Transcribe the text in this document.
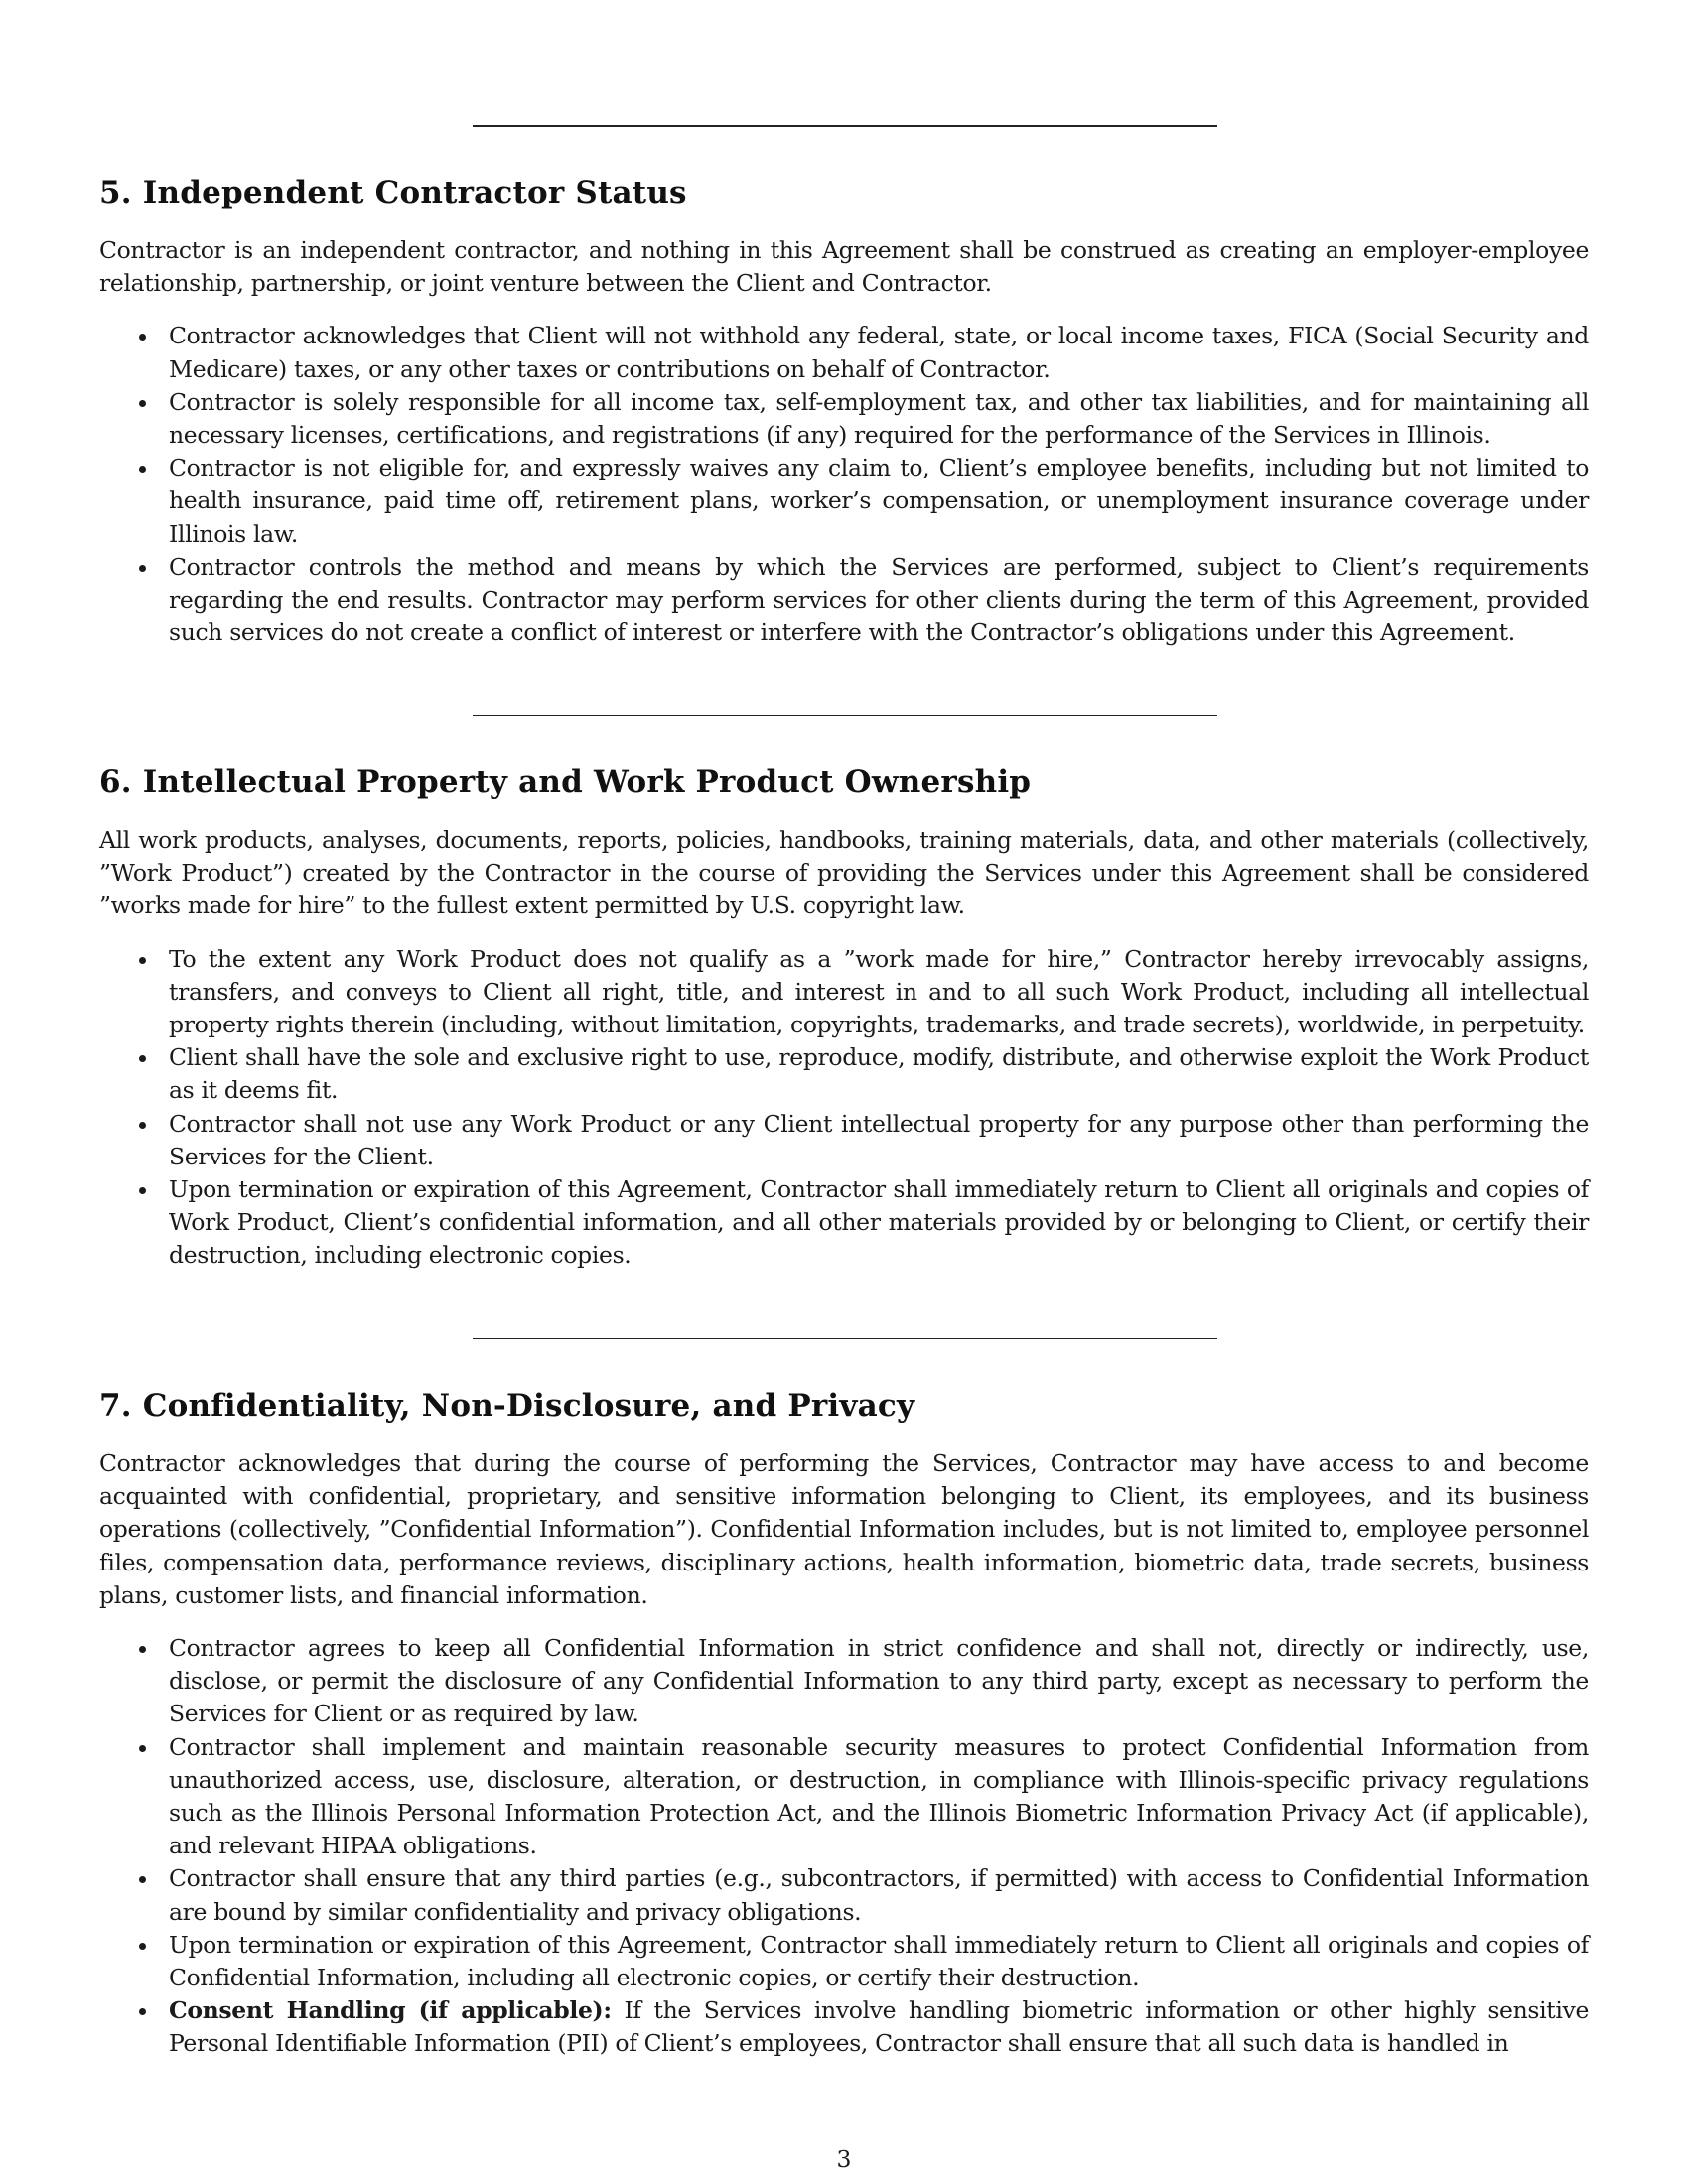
5. Independent Contractor Status

Contractor is an independent contractor, and nothing in this Agreement shall be construed as creating an employer-employee relationship, partnership, or joint venture between the Client and Contractor.

Contractor acknowledges that Client will not withhold any federal, state, or local income taxes, FICA (Social Security and Medicare) taxes, or any other taxes or contributions on behalf of Contractor.
Contractor is solely responsible for all income tax, self-employment tax, and other tax liabilities, and for maintaining all necessary licenses, certifications, and registrations (if any) required for the performance of the Services in Illinois.
Contractor is not eligible for, and expressly waives any claim to, Client’s employee benefits, including but not limited to health insurance, paid time off, retirement plans, worker’s compensation, or unemployment insurance coverage under Illinois law.
Contractor controls the method and means by which the Services are performed, subject to Client’s requirements regarding the end results. Contractor may perform services for other clients during the term of this Agreement, provided such services do not create a conflict of interest or interfere with the Contractor’s obligations under this Agreement.
6. Intellectual Property and Work Product Ownership

All work products, analyses, documents, reports, policies, handbooks, training materials, data, and other materials (collectively, ”Work Product”) created by the Contractor in the course of providing the Services under this Agreement shall be considered ”works made for hire” to the fullest extent permitted by U.S. copyright law.

To the extent any Work Product does not qualify as a ”work made for hire,” Contractor hereby irrevocably assigns, transfers, and conveys to Client all right, title, and interest in and to all such Work Product, including all intellectual property rights therein (including, without limitation, copyrights, trademarks, and trade secrets), worldwide, in perpetuity.
Client shall have the sole and exclusive right to use, reproduce, modify, distribute, and otherwise exploit the Work Product as it deems fit.
Contractor shall not use any Work Product or any Client intellectual property for any purpose other than performing the Services for the Client.
Upon termination or expiration of this Agreement, Contractor shall immediately return to Client all originals and copies of Work Product, Client’s confidential information, and all other materials provided by or belonging to Client, or certify their destruction, including electronic copies.
7. Confidentiality, Non-Disclosure, and Privacy

Contractor acknowledges that during the course of performing the Services, Contractor may have access to and become acquainted with confidential, proprietary, and sensitive information belonging to Client, its employees, and its business operations (collectively, ”Confidential Information”). Confidential Information includes, but is not limited to, employee personnel files, compensation data, performance reviews, disciplinary actions, health information, biometric data, trade secrets, business plans, customer lists, and financial information.

Contractor agrees to keep all Confidential Information in strict confidence and shall not, directly or indirectly, use, disclose, or permit the disclosure of any Confidential Information to any third party, except as necessary to perform the Services for Client or as required by law.
Contractor shall implement and maintain reasonable security measures to protect Confidential Information from unauthorized access, use, disclosure, alteration, or destruction, in compliance with Illinois-specific privacy regulations such as the Illinois Personal Information Protection Act, and the Illinois Biometric Information Privacy Act (if applicable), and relevant HIPAA obligations.
Contractor shall ensure that any third parties (e.g., subcontractors, if permitted) with access to Confidential Information are bound by similar confidentiality and privacy obligations.
Upon termination or expiration of this Agreement, Contractor shall immediately return to Client all originals and copies of Confidential Information, including all electronic copies, or certify their destruction.
Consent Handling (if applicable): If the Services involve handling biometric information or other highly sensitive Personal Identifiable Information (PII) of Client’s employees, Contractor shall ensure that all such data is handled in
3
